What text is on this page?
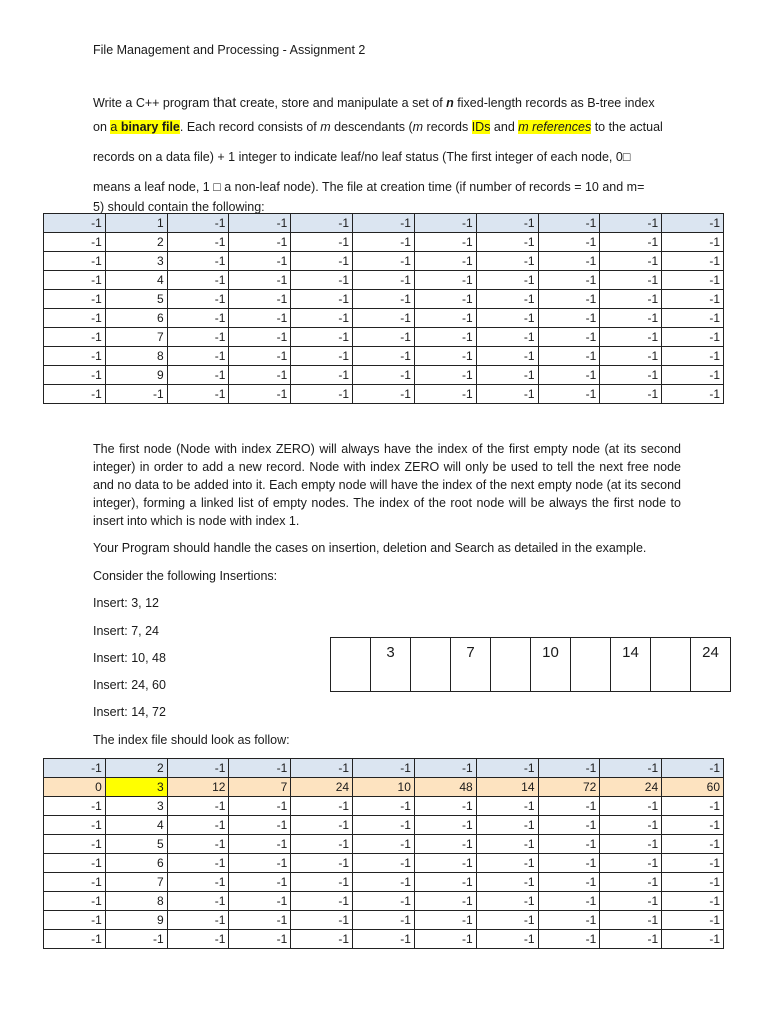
File Management and Processing - Assignment 2

Write a C++ program that create, store and manipulate a set of n fixed-length records as B-tree index

on a binary file. Each record consists of m descendants (m records IDs and m references to the actual

records on a data file) + 1 integer to indicate leaf/no leaf status (The first integer of each node, 0□

means a leaf node, 1 □ a non-leaf node). The file at creation time (if number of records = 10 and m=

5) should contain the following:

-1	1	-1	-1	-1	-1	-1	-1	-1	-1	-1
-1	2	-1	-1	-1	-1	-1	-1	-1	-1	-1
-1	3	-1	-1	-1	-1	-1	-1	-1	-1	-1
-1	4	-1	-1	-1	-1	-1	-1	-1	-1	-1
-1	5	-1	-1	-1	-1	-1	-1	-1	-1	-1
-1	6	-1	-1	-1	-1	-1	-1	-1	-1	-1
-1	7	-1	-1	-1	-1	-1	-1	-1	-1	-1
-1	8	-1	-1	-1	-1	-1	-1	-1	-1	-1
-1	9	-1	-1	-1	-1	-1	-1	-1	-1	-1
-1	-1	-1	-1	-1	-1	-1	-1	-1	-1	-1
The first node (Node with index ZERO) will always have the index of the first empty node (at its second integer) in order to add a new record. Node with index ZERO will only be used to tell the next free node and no data to be added into it. Each empty node will have the index of the next empty node (at its second integer), forming a linked list of empty nodes. The index of the root node will be always the first node to insert into which is node with index 1.
Your Program should handle the cases on insertion, deletion and Search as detailed in the example.
Consider the following Insertions:
Insert: 3, 12
Insert: 7, 24
Insert: 10, 48
Insert: 24, 60
Insert: 14, 72
	3		7		10		14		24
The index file should look as follow:
-1	2	-1	-1	-1	-1	-1	-1	-1	-1	-1
0	3	12	7	24	10	48	14	72	24	60
-1	3	-1	-1	-1	-1	-1	-1	-1	-1	-1
-1	4	-1	-1	-1	-1	-1	-1	-1	-1	-1
-1	5	-1	-1	-1	-1	-1	-1	-1	-1	-1
-1	6	-1	-1	-1	-1	-1	-1	-1	-1	-1
-1	7	-1	-1	-1	-1	-1	-1	-1	-1	-1
-1	8	-1	-1	-1	-1	-1	-1	-1	-1	-1
-1	9	-1	-1	-1	-1	-1	-1	-1	-1	-1
-1	-1	-1	-1	-1	-1	-1	-1	-1	-1	-1
